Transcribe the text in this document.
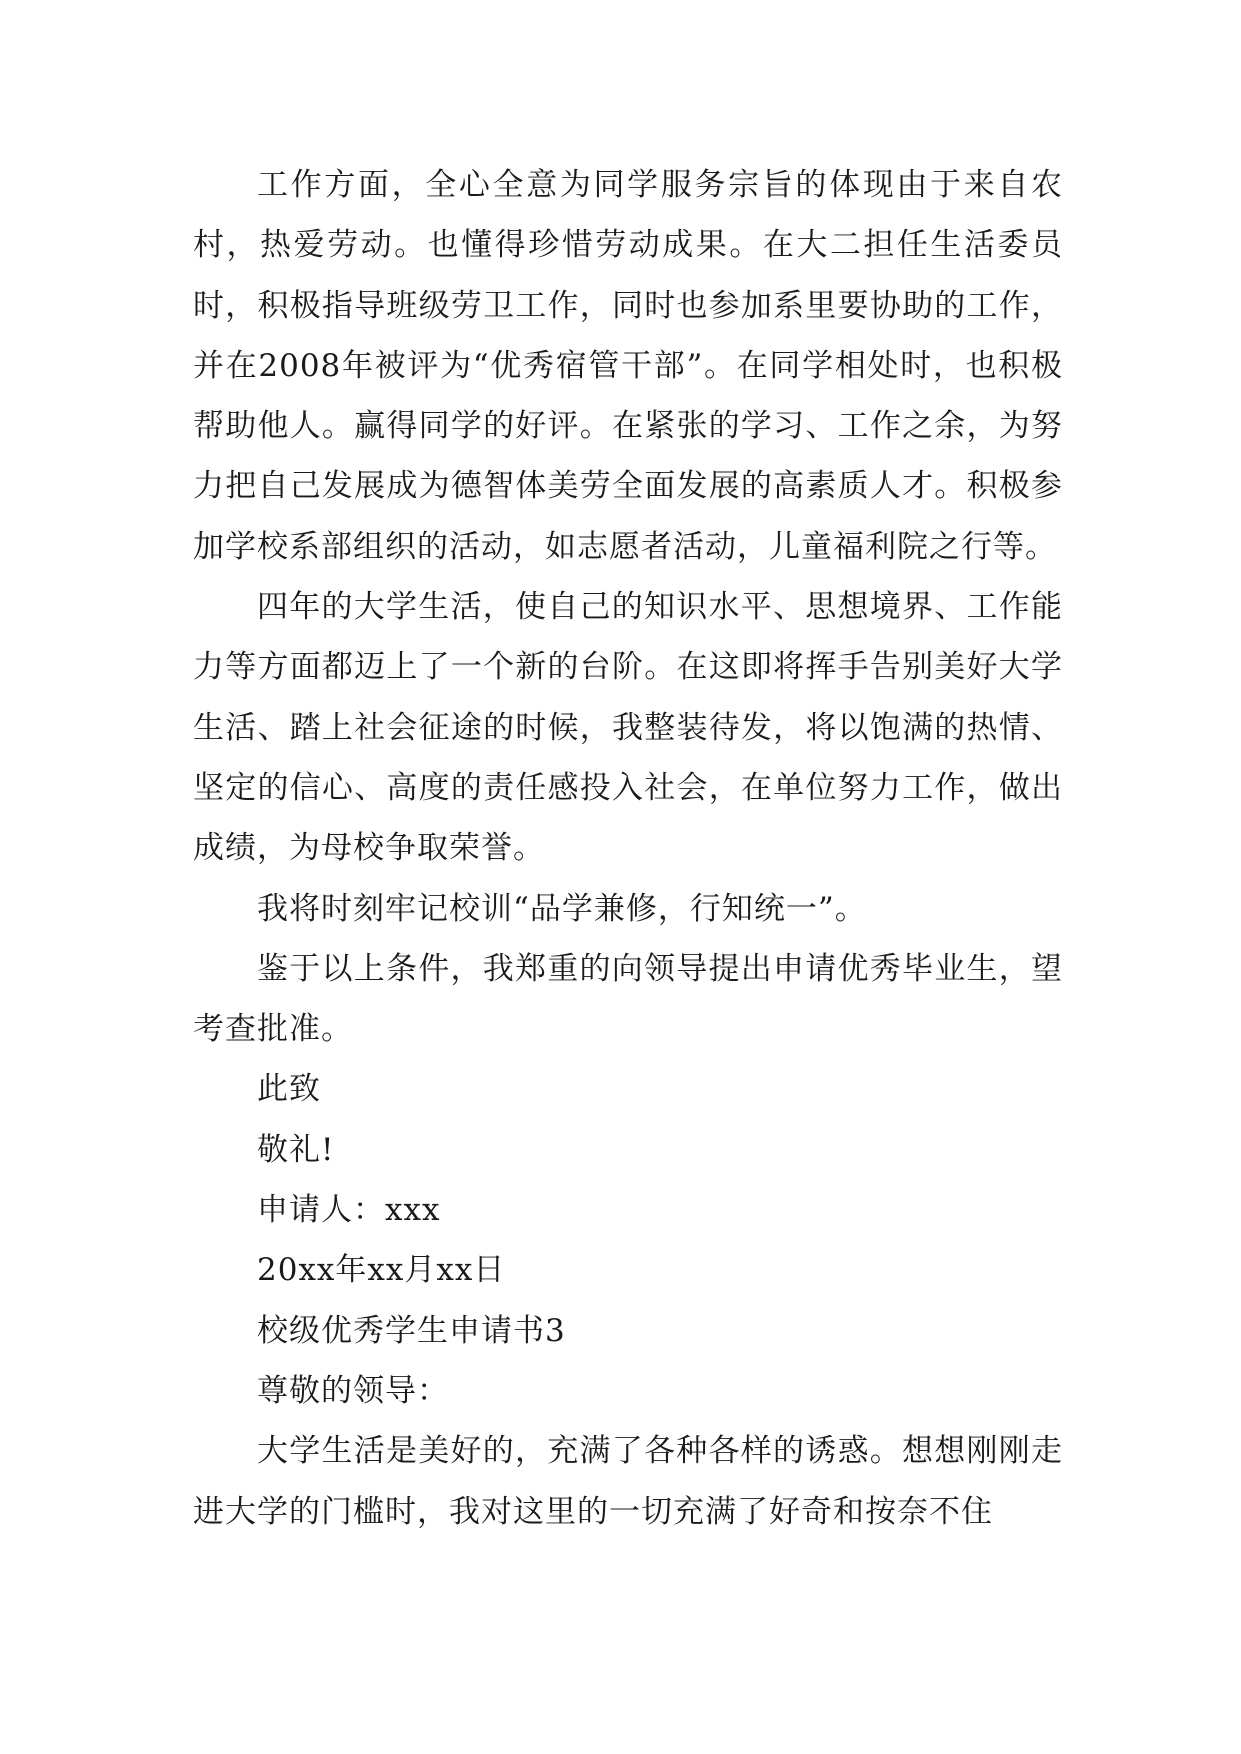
工作方面，全心全意为同学服务宗旨的体现由于来自农村，热爱劳动。也懂得珍惜劳动成果。在大二担任生活委员时，积极指导班级劳卫工作，同时也参加系里要协助的工作，并在2008年被评为“优秀宿管干部”。在同学相处时，也积极帮助他人。赢得同学的好评。在紧张的学习、工作之余，为努力把自己发展成为德智体美劳全面发展的高素质人才。积极参加学校系部组织的活动，如志愿者活动，儿童福利院之行等。

四年的大学生活，使自己的知识水平、思想境界、工作能力等方面都迈上了一个新的台阶。在这即将挥手告别美好大学生活、踏上社会征途的时候，我整装待发，将以饱满的热情、坚定的信心、高度的责任感投入社会，在单位努力工作，做出成绩，为母校争取荣誉。

我将时刻牢记校训“品学兼修，行知统一”。

鉴于以上条件，我郑重的向领导提出申请优秀毕业生，望考查批准。

此致

敬礼!

申请人：xxx

20xx年xx月xx日

校级优秀学生申请书3

尊敬的领导：

大学生活是美好的，充满了各种各样的诱惑。想想刚刚走进大学的门槛时，我对这里的一切充满了好奇和按奈不住
